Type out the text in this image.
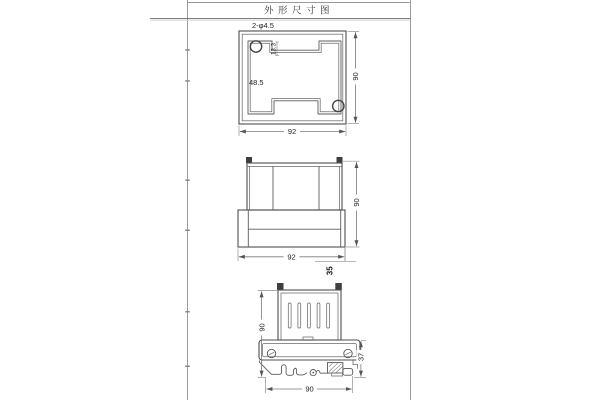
外形尺寸图
2-φ4.5
13.3
48.5
90
92
92
90
35
90
37
90
